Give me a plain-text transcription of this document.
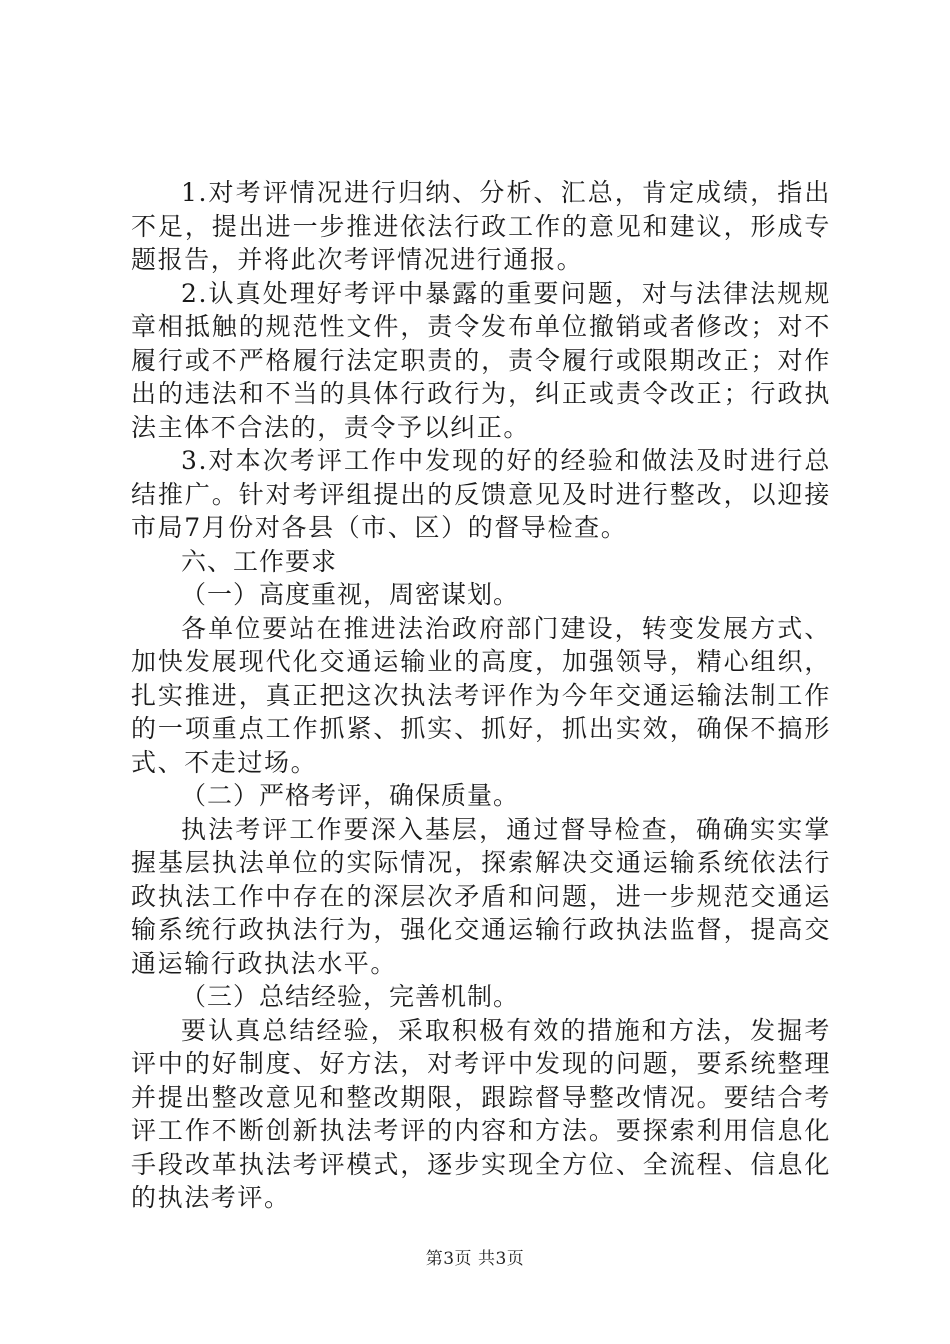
1.对考评情况进行归纳、分析、汇总，肯定成绩，指出不足，提出进一步推进依法行政工作的意见和建议，形成专题报告，并将此次考评情况进行通报。

2.认真处理好考评中暴露的重要问题，对与法律法规规章相抵触的规范性文件，责令发布单位撤销或者修改；对不履行或不严格履行法定职责的，责令履行或限期改正；对作出的违法和不当的具体行政行为，纠正或责令改正；行政执法主体不合法的，责令予以纠正。

3.对本次考评工作中发现的好的经验和做法及时进行总结推广。针对考评组提出的反馈意见及时进行整改，以迎接市局7月份对各县（市、区）的督导检查。

六、工作要求

（一）高度重视，周密谋划。

各单位要站在推进法治政府部门建设，转变发展方式、加快发展现代化交通运输业的高度，加强领导，精心组织，扎实推进，真正把这次执法考评作为今年交通运输法制工作的一项重点工作抓紧、抓实、抓好，抓出实效，确保不搞形式、不走过场。

（二）严格考评，确保质量。

执法考评工作要深入基层，通过督导检查，确确实实掌握基层执法单位的实际情况，探索解决交通运输系统依法行政执法工作中存在的深层次矛盾和问题，进一步规范交通运输系统行政执法行为，强化交通运输行政执法监督，提高交通运输行政执法水平。

（三）总结经验，完善机制。

要认真总结经验，采取积极有效的措施和方法，发掘考评中的好制度、好方法，对考评中发现的问题，要系统整理并提出整改意见和整改期限，跟踪督导整改情况。要结合考评工作不断创新执法考评的内容和方法。要探索利用信息化手段改革执法考评模式，逐步实现全方位、全流程、信息化的执法考评。

第3页 共3页
